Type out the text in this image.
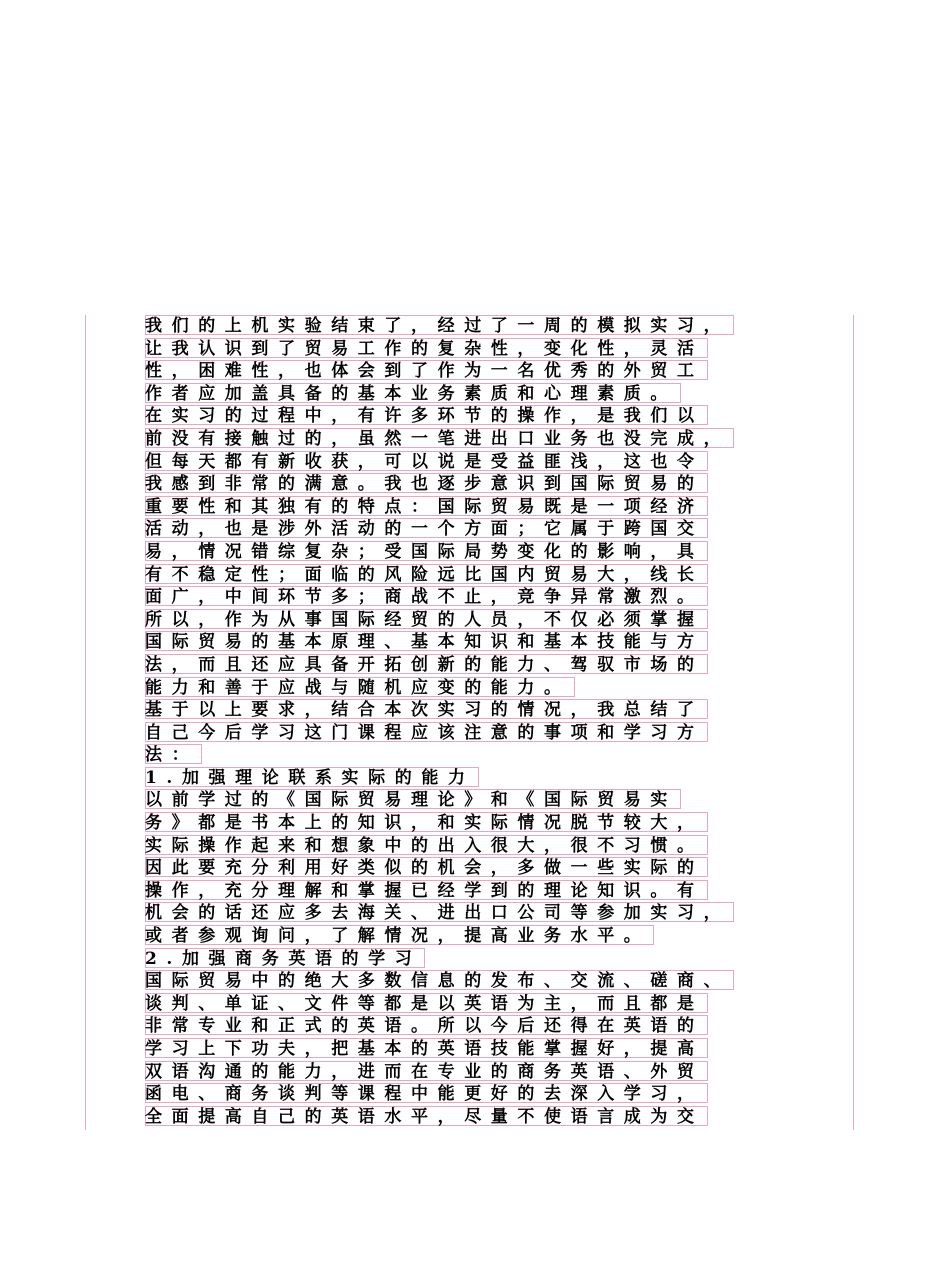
我们的上机实验结束了，经过了一周的模拟实习，
让我认识到了贸易工作的复杂性，变化性，灵活
性，困难性，也体会到了作为一名优秀的外贸工
作者应加盖具备的基本业务素质和心理素质。
在实习的过程中，有许多环节的操作，是我们以
前没有接触过的，虽然一笔进出口业务也没完成，
但每天都有新收获，可以说是受益匪浅，这也令
我感到非常的满意。我也逐步意识到国际贸易的
重要性和其独有的特点：国际贸易既是一项经济
活动，也是涉外活动的一个方面；它属于跨国交
易，情况错综复杂；受国际局势变化的影响，具
有不稳定性；面临的风险远比国内贸易大，线长
面广，中间环节多；商战不止，竞争异常激烈。
所以，作为从事国际经贸的人员，不仅必须掌握
国际贸易的基本原理、基本知识和基本技能与方
法，而且还应具备开拓创新的能力、驾驭市场的
能力和善于应战与随机应变的能力。
基于以上要求，结合本次实习的情况，我总结了
自己今后学习这门课程应该注意的事项和学习方
法：
1.加强理论联系实际的能力
以前学过的《国际贸易理论》和《国际贸易实
务》都是书本上的知识，和实际情况脱节较大，
实际操作起来和想象中的出入很大，很不习惯。
因此要充分利用好类似的机会，多做一些实际的
操作，充分理解和掌握已经学到的理论知识。有
机会的话还应多去海关、进出口公司等参加实习，
或者参观询问，了解情况，提高业务水平。
2.加强商务英语的学习
国际贸易中的绝大多数信息的发布、交流、磋商、
谈判、单证、文件等都是以英语为主，而且都是
非常专业和正式的英语。所以今后还得在英语的
学习上下功夫，把基本的英语技能掌握好，提高
双语沟通的能力，进而在专业的商务英语、外贸
函电、商务谈判等课程中能更好的去深入学习，
全面提高自己的英语水平，尽量不使语言成为交
